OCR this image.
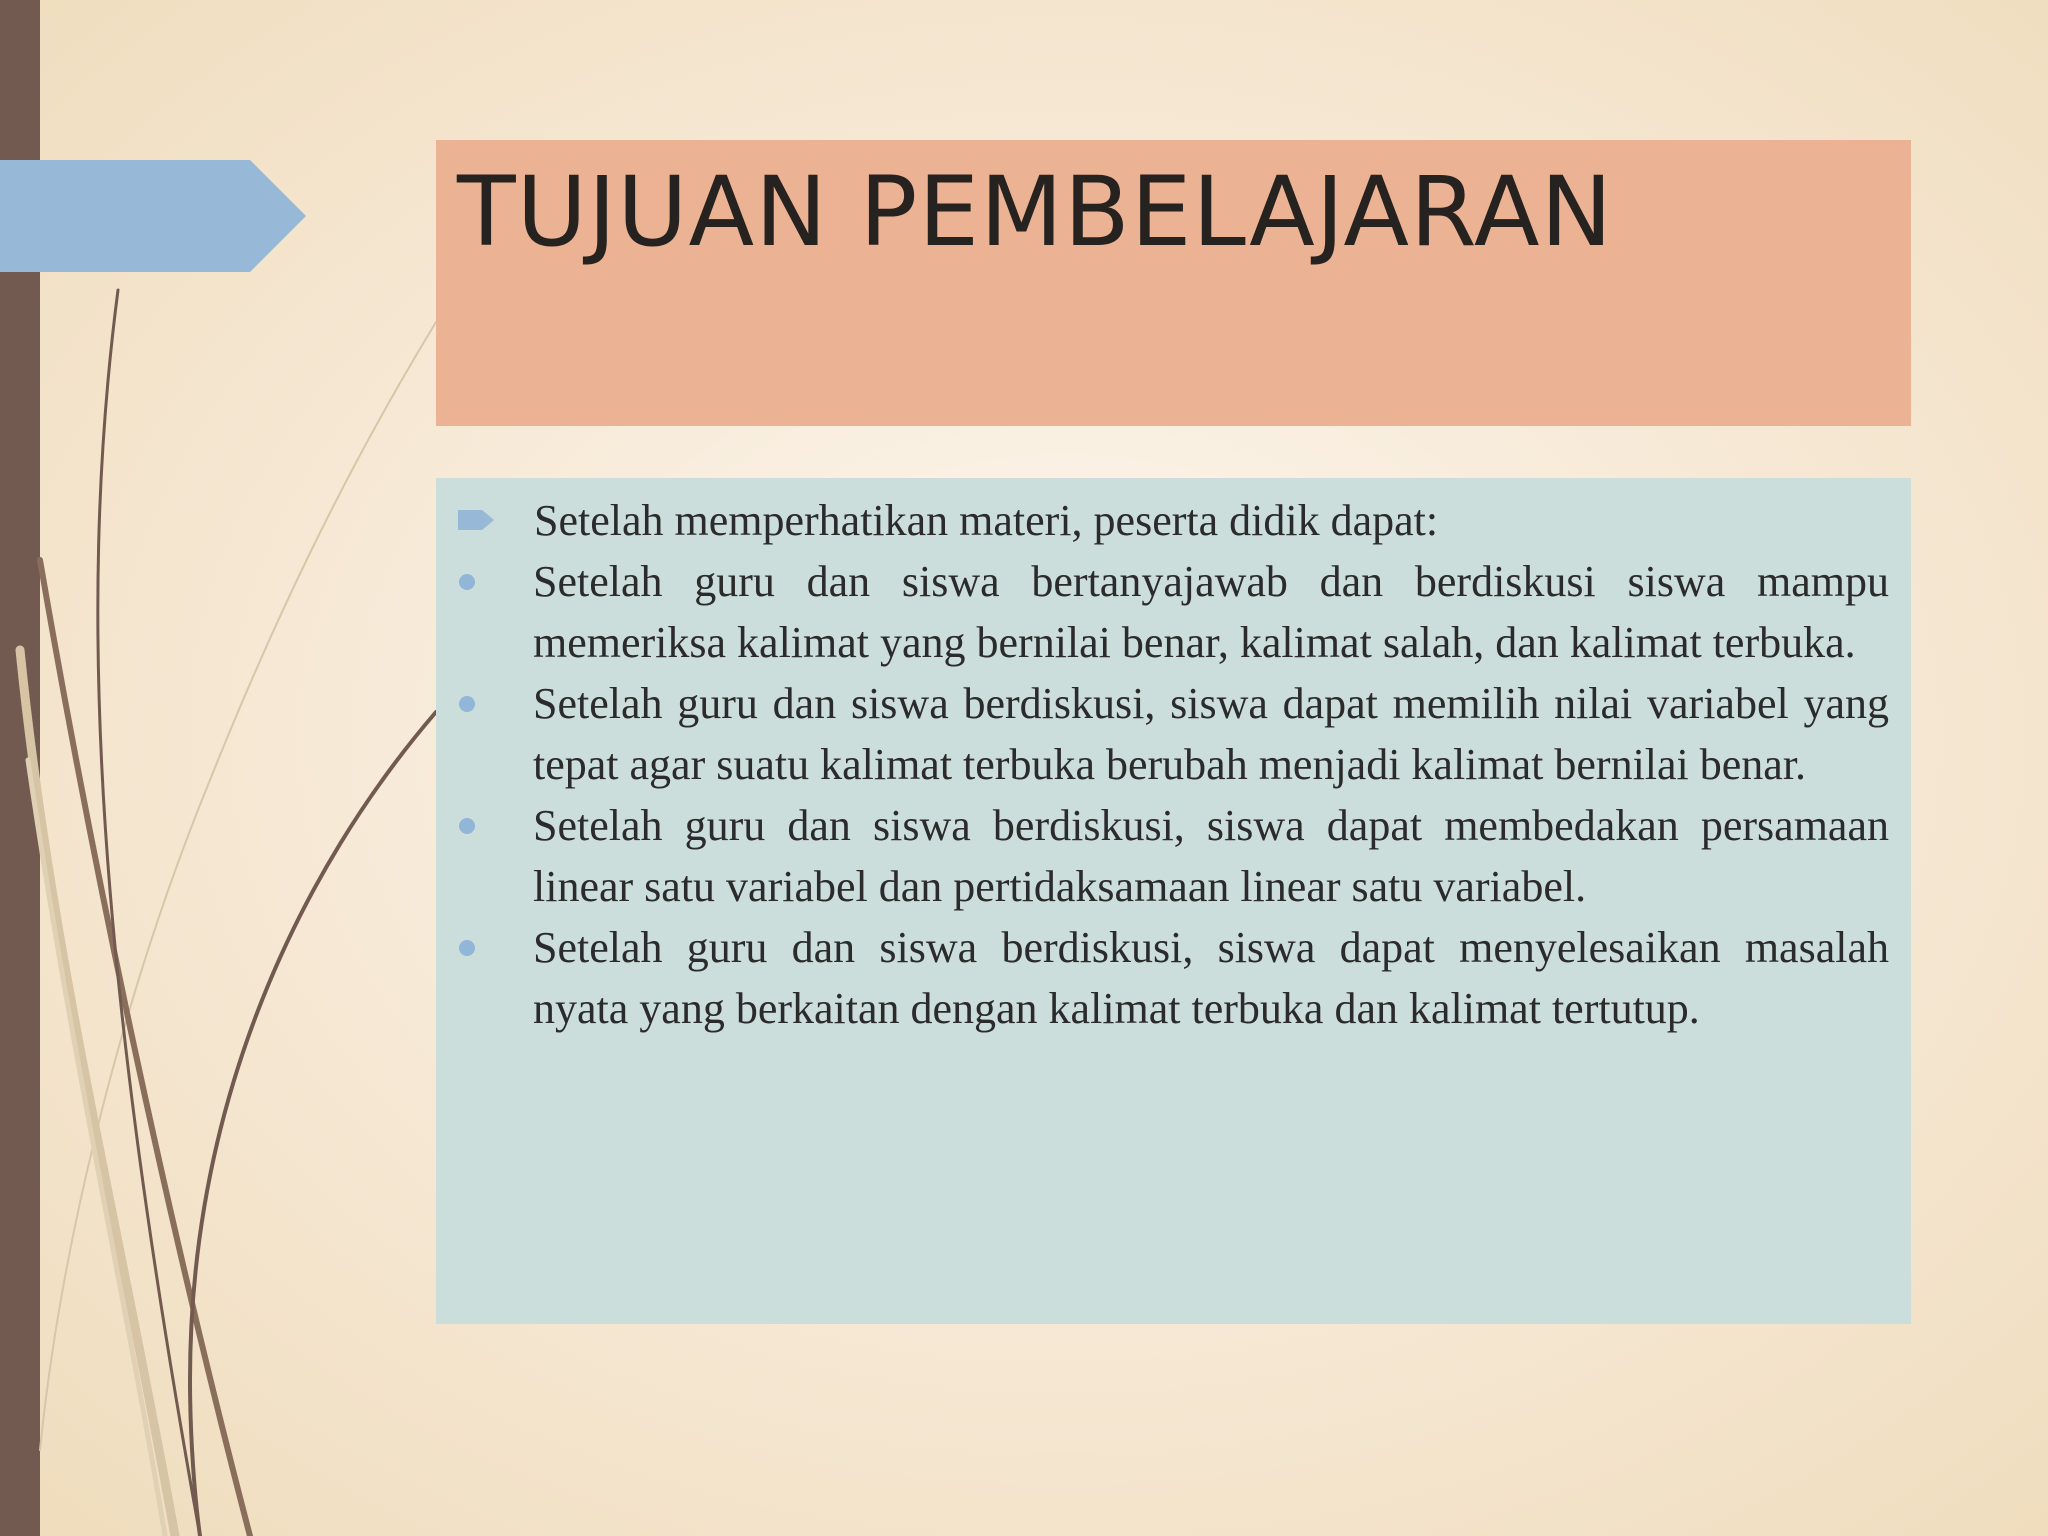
TUJUAN PEMBELAJARAN
Setelah memperhatikan materi, peserta didik dapat:
Setelah guru dan siswa bertanyajawab dan berdiskusi siswa mampu memeriksa kalimat yang bernilai benar, kalimat salah, dan kalimat terbuka.
Setelah guru dan siswa berdiskusi, siswa dapat memilih nilai variabel yang tepat agar suatu kalimat terbuka berubah menjadi kalimat bernilai benar.
Setelah guru dan siswa berdiskusi, siswa dapat membedakan persamaan linear satu variabel dan pertidaksamaan linear satu variabel.
Setelah guru dan siswa berdiskusi, siswa dapat menyelesaikan masalah nyata yang berkaitan dengan kalimat terbuka dan kalimat tertutup.
